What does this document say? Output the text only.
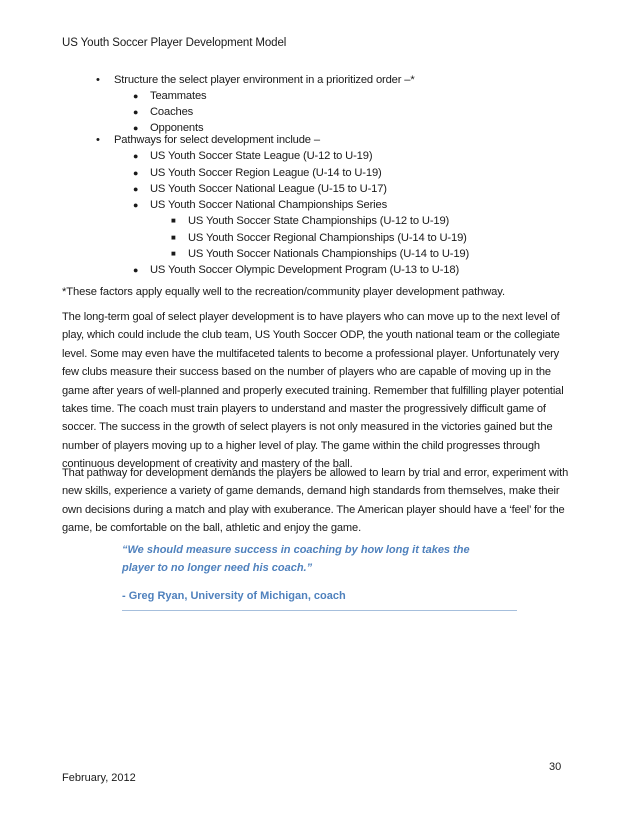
US Youth Soccer Player Development Model
• Structure the select player environment in a prioritized order –*
● Teammates
● Coaches
● Opponents
• Pathways for select development include –
● US Youth Soccer State League (U-12 to U-19)
● US Youth Soccer Region League (U-14 to U-19)
● US Youth Soccer National League (U-15 to U-17)
● US Youth Soccer National Championships Series
■ US Youth Soccer State Championships (U-12 to U-19)
■ US Youth Soccer Regional Championships (U-14 to U-19)
■ US Youth Soccer Nationals Championships (U-14 to U-19)
● US Youth Soccer Olympic Development Program (U-13 to U-18)
*These factors apply equally well to the recreation/community player development pathway.

The long-term goal of select player development is to have players who can move up to the next level of play, which could include the club team, US Youth Soccer ODP, the youth national team or the collegiate level. Some may even have the multifaceted talents to become a professional player. Unfortunately very few clubs measure their success based on the number of players who are capable of moving up in the game after years of well-planned and properly executed training. Remember that fulfilling player potential takes time. The coach must train players to understand and master the progressively difficult game of soccer. The success in the growth of select players is not only measured in the victories gained but the number of players moving up to a higher level of play. The game within the child progresses through continuous development of creativity and mastery of the ball.

That pathway for development demands the players be allowed to learn by trial and error, experiment with new skills, experience a variety of game demands, demand high standards from themselves, make their own decisions during a match and play with exuberance. The American player should have a ‘feel’ for the game, be comfortable on the ball, athletic and enjoy the game.

“We should measure success in coaching by how long it takes the player to no longer need his coach.”
- Greg Ryan, University of Michigan, coach
30
February, 2012
